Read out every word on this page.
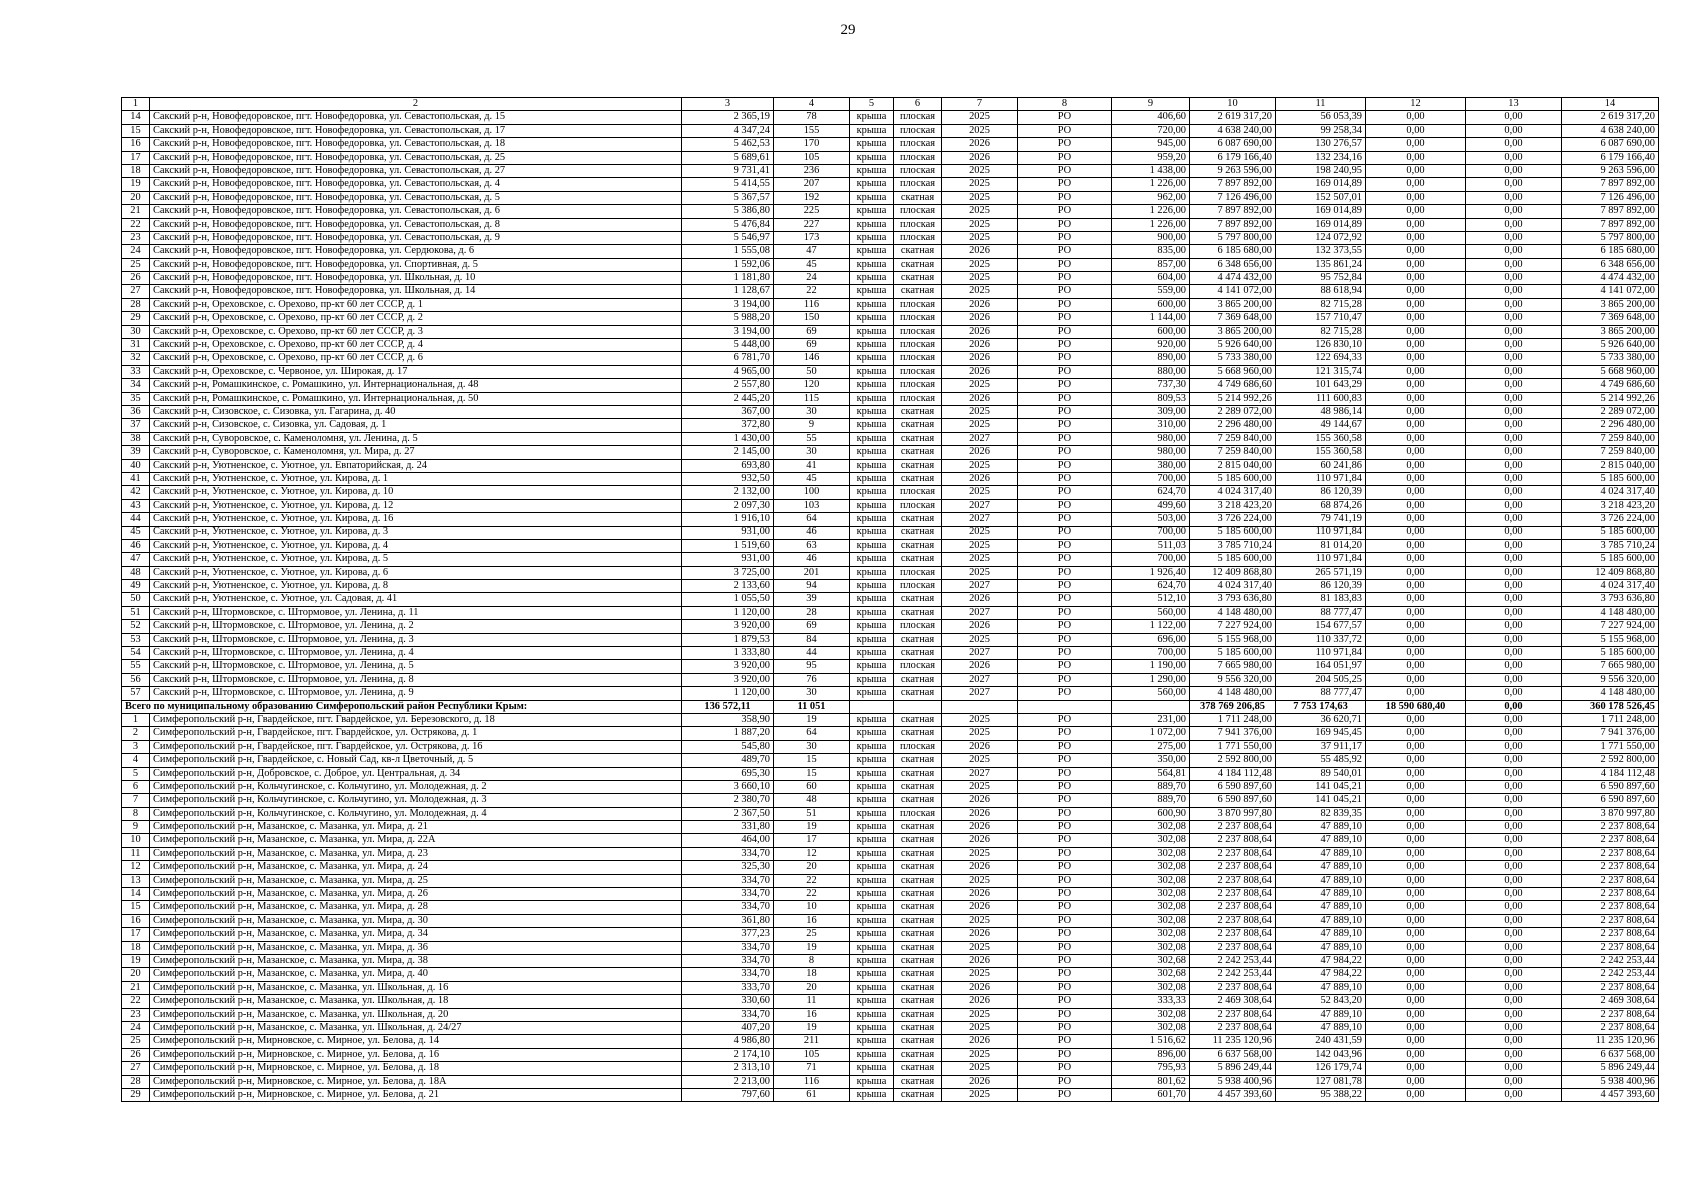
29
1	2	3	4	5	6	7	8	9	10	11	12	13	14
14	Сакский р-н, Новофедоровское, пгт. Новофедоровка, ул. Севастопольская, д. 15	2 365,19	78	крыша	плоская	2025	РО	406,60	2 619 317,20	56 053,39	0,00	0,00	2 619 317,20
15	Сакский р-н, Новофедоровское, пгт. Новофедоровка, ул. Севастопольская, д. 17	4 347,24	155	крыша	плоская	2025	РО	720,00	4 638 240,00	99 258,34	0,00	0,00	4 638 240,00
16	Сакский р-н, Новофедоровское, пгт. Новофедоровка, ул. Севастопольская, д. 18	5 462,53	170	крыша	плоская	2026	РО	945,00	6 087 690,00	130 276,57	0,00	0,00	6 087 690,00
17	Сакский р-н, Новофедоровское, пгт. Новофедоровка, ул. Севастопольская, д. 25	5 689,61	105	крыша	плоская	2026	РО	959,20	6 179 166,40	132 234,16	0,00	0,00	6 179 166,40
18	Сакский р-н, Новофедоровское, пгт. Новофедоровка, ул. Севастопольская, д. 27	9 731,41	236	крыша	плоская	2025	РО	1 438,00	9 263 596,00	198 240,95	0,00	0,00	9 263 596,00
19	Сакский р-н, Новофедоровское, пгт. Новофедоровка, ул. Севастопольская, д. 4	5 414,55	207	крыша	плоская	2025	РО	1 226,00	7 897 892,00	169 014,89	0,00	0,00	7 897 892,00
20	Сакский р-н, Новофедоровское, пгт. Новофедоровка, ул. Севастопольская, д. 5	5 367,57	192	крыша	скатная	2025	РО	962,00	7 126 496,00	152 507,01	0,00	0,00	7 126 496,00
21	Сакский р-н, Новофедоровское, пгт. Новофедоровка, ул. Севастопольская, д. 6	5 386,80	225	крыша	плоская	2025	РО	1 226,00	7 897 892,00	169 014,89	0,00	0,00	7 897 892,00
22	Сакский р-н, Новофедоровское, пгт. Новофедоровка, ул. Севастопольская, д. 8	5 476,84	227	крыша	плоская	2025	РО	1 226,00	7 897 892,00	169 014,89	0,00	0,00	7 897 892,00
23	Сакский р-н, Новофедоровское, пгт. Новофедоровка, ул. Севастопольская, д. 9	5 546,97	173	крыша	плоская	2025	РО	900,00	5 797 800,00	124 072,92	0,00	0,00	5 797 800,00
24	Сакский р-н, Новофедоровское, пгт. Новофедоровка, ул. Сердюкова, д. 6	1 555,08	47	крыша	скатная	2026	РО	835,00	6 185 680,00	132 373,55	0,00	0,00	6 185 680,00
25	Сакский р-н, Новофедоровское, пгт. Новофедоровка, ул. Спортивная, д. 5	1 592,06	45	крыша	скатная	2025	РО	857,00	6 348 656,00	135 861,24	0,00	0,00	6 348 656,00
26	Сакский р-н, Новофедоровское, пгт. Новофедоровка, ул. Школьная, д. 10	1 181,80	24	крыша	скатная	2025	РО	604,00	4 474 432,00	95 752,84	0,00	0,00	4 474 432,00
27	Сакский р-н, Новофедоровское, пгт. Новофедоровка, ул. Школьная, д. 14	1 128,67	22	крыша	скатная	2025	РО	559,00	4 141 072,00	88 618,94	0,00	0,00	4 141 072,00
28	Сакский р-н, Ореховское, с. Орехово, пр-кт 60 лет СССР, д. 1	3 194,00	116	крыша	плоская	2026	РО	600,00	3 865 200,00	82 715,28	0,00	0,00	3 865 200,00
29	Сакский р-н, Ореховское, с. Орехово, пр-кт 60 лет СССР, д. 2	5 988,20	150	крыша	плоская	2026	РО	1 144,00	7 369 648,00	157 710,47	0,00	0,00	7 369 648,00
30	Сакский р-н, Ореховское, с. Орехово, пр-кт 60 лет СССР, д. 3	3 194,00	69	крыша	плоская	2026	РО	600,00	3 865 200,00	82 715,28	0,00	0,00	3 865 200,00
31	Сакский р-н, Ореховское, с. Орехово, пр-кт 60 лет СССР, д. 4	5 448,00	69	крыша	плоская	2026	РО	920,00	5 926 640,00	126 830,10	0,00	0,00	5 926 640,00
32	Сакский р-н, Ореховское, с. Орехово, пр-кт 60 лет СССР, д. 6	6 781,70	146	крыша	плоская	2026	РО	890,00	5 733 380,00	122 694,33	0,00	0,00	5 733 380,00
33	Сакский р-н, Ореховское, с. Червоное, ул. Широкая, д. 17	4 965,00	50	крыша	плоская	2026	РО	880,00	5 668 960,00	121 315,74	0,00	0,00	5 668 960,00
34	Сакский р-н, Ромашкинское, с. Ромашкино, ул. Интернациональная, д. 48	2 557,80	120	крыша	плоская	2025	РО	737,30	4 749 686,60	101 643,29	0,00	0,00	4 749 686,60
35	Сакский р-н, Ромашкинское, с. Ромашкино, ул. Интернациональная, д. 50	2 445,20	115	крыша	плоская	2026	РО	809,53	5 214 992,26	111 600,83	0,00	0,00	5 214 992,26
36	Сакский р-н, Сизовское, с. Сизовка, ул. Гагарина, д. 40	367,00	30	крыша	скатная	2025	РО	309,00	2 289 072,00	48 986,14	0,00	0,00	2 289 072,00
37	Сакский р-н, Сизовское, с. Сизовка, ул. Садовая, д. 1	372,80	9	крыша	скатная	2025	РО	310,00	2 296 480,00	49 144,67	0,00	0,00	2 296 480,00
38	Сакский р-н, Суворовское, с. Каменоломня, ул. Ленина, д. 5	1 430,00	55	крыша	скатная	2027	РО	980,00	7 259 840,00	155 360,58	0,00	0,00	7 259 840,00
39	Сакский р-н, Суворовское, с. Каменоломня, ул. Мира, д. 27	2 145,00	30	крыша	скатная	2026	РО	980,00	7 259 840,00	155 360,58	0,00	0,00	7 259 840,00
40	Сакский р-н, Уютненское, с. Уютное, ул. Евпаторийская, д. 24	693,80	41	крыша	скатная	2025	РО	380,00	2 815 040,00	60 241,86	0,00	0,00	2 815 040,00
41	Сакский р-н, Уютненское, с. Уютное, ул. Кирова, д. 1	932,50	45	крыша	скатная	2026	РО	700,00	5 185 600,00	110 971,84	0,00	0,00	5 185 600,00
42	Сакский р-н, Уютненское, с. Уютное, ул. Кирова, д. 10	2 132,00	100	крыша	плоская	2025	РО	624,70	4 024 317,40	86 120,39	0,00	0,00	4 024 317,40
43	Сакский р-н, Уютненское, с. Уютное, ул. Кирова, д. 12	2 097,30	103	крыша	плоская	2027	РО	499,60	3 218 423,20	68 874,26	0,00	0,00	3 218 423,20
44	Сакский р-н, Уютненское, с. Уютное, ул. Кирова, д. 16	1 916,10	64	крыша	скатная	2027	РО	503,00	3 726 224,00	79 741,19	0,00	0,00	3 726 224,00
45	Сакский р-н, Уютненское, с. Уютное, ул. Кирова, д. 3	931,00	46	крыша	скатная	2025	РО	700,00	5 185 600,00	110 971,84	0,00	0,00	5 185 600,00
46	Сакский р-н, Уютненское, с. Уютное, ул. Кирова, д. 4	1 519,60	63	крыша	скатная	2025	РО	511,03	3 785 710,24	81 014,20	0,00	0,00	3 785 710,24
47	Сакский р-н, Уютненское, с. Уютное, ул. Кирова, д. 5	931,00	46	крыша	скатная	2025	РО	700,00	5 185 600,00	110 971,84	0,00	0,00	5 185 600,00
48	Сакский р-н, Уютненское, с. Уютное, ул. Кирова, д. 6	3 725,00	201	крыша	плоская	2025	РО	1 926,40	12 409 868,80	265 571,19	0,00	0,00	12 409 868,80
49	Сакский р-н, Уютненское, с. Уютное, ул. Кирова, д. 8	2 133,60	94	крыша	плоская	2027	РО	624,70	4 024 317,40	86 120,39	0,00	0,00	4 024 317,40
50	Сакский р-н, Уютненское, с. Уютное, ул. Садовая, д. 41	1 055,50	39	крыша	скатная	2026	РО	512,10	3 793 636,80	81 183,83	0,00	0,00	3 793 636,80
51	Сакский р-н, Штормовское, с. Штормовое, ул. Ленина, д. 11	1 120,00	28	крыша	скатная	2027	РО	560,00	4 148 480,00	88 777,47	0,00	0,00	4 148 480,00
52	Сакский р-н, Штормовское, с. Штормовое, ул. Ленина, д. 2	3 920,00	69	крыша	плоская	2026	РО	1 122,00	7 227 924,00	154 677,57	0,00	0,00	7 227 924,00
53	Сакский р-н, Штормовское, с. Штормовое, ул. Ленина, д. 3	1 879,53	84	крыша	скатная	2025	РО	696,00	5 155 968,00	110 337,72	0,00	0,00	5 155 968,00
54	Сакский р-н, Штормовское, с. Штормовое, ул. Ленина, д. 4	1 333,80	44	крыша	скатная	2027	РО	700,00	5 185 600,00	110 971,84	0,00	0,00	5 185 600,00
55	Сакский р-н, Штормовское, с. Штормовое, ул. Ленина, д. 5	3 920,00	95	крыша	плоская	2026	РО	1 190,00	7 665 980,00	164 051,97	0,00	0,00	7 665 980,00
56	Сакский р-н, Штормовское, с. Штормовое, ул. Ленина, д. 8	3 920,00	76	крыша	скатная	2027	РО	1 290,00	9 556 320,00	204 505,25	0,00	0,00	9 556 320,00
57	Сакский р-н, Штормовское, с. Штормовое, ул. Ленина, д. 9	1 120,00	30	крыша	скатная	2027	РО	560,00	4 148 480,00	88 777,47	0,00	0,00	4 148 480,00
Всего по муниципальному образованию Симферопольский район Республики Крым:		136 572,11	11 051						378 769 206,85	7 753 174,63	18 590 680,40	0,00	360 178 526,45
1	Симферопольский р-н, Гвардейское, пгт. Гвардейское, ул. Березовского, д. 18	358,90	19	крыша	скатная	2025	РО	231,00	1 711 248,00	36 620,71	0,00	0,00	1 711 248,00
2	Симферопольский р-н, Гвардейское, пгт. Гвардейское, ул. Острякова, д. 1	1 887,20	64	крыша	скатная	2025	РО	1 072,00	7 941 376,00	169 945,45	0,00	0,00	7 941 376,00
3	Симферопольский р-н, Гвардейское, пгт. Гвардейское, ул. Острякова, д. 16	545,80	30	крыша	плоская	2026	РО	275,00	1 771 550,00	37 911,17	0,00	0,00	1 771 550,00
4	Симферопольский р-н, Гвардейское, с. Новый Сад, кв-л Цветочный, д. 5	489,70	15	крыша	скатная	2025	РО	350,00	2 592 800,00	55 485,92	0,00	0,00	2 592 800,00
5	Симферопольский р-н, Добровское, с. Доброе, ул. Центральная, д. 34	695,30	15	крыша	скатная	2027	РО	564,81	4 184 112,48	89 540,01	0,00	0,00	4 184 112,48
6	Симферопольский р-н, Кольчугинское, с. Кольчугино, ул. Молодежная, д. 2	3 660,10	60	крыша	скатная	2025	РО	889,70	6 590 897,60	141 045,21	0,00	0,00	6 590 897,60
7	Симферопольский р-н, Кольчугинское, с. Кольчугино, ул. Молодежная, д. 3	2 380,70	48	крыша	скатная	2026	РО	889,70	6 590 897,60	141 045,21	0,00	0,00	6 590 897,60
8	Симферопольский р-н, Кольчугинское, с. Кольчугино, ул. Молодежная, д. 4	2 367,50	51	крыша	плоская	2026	РО	600,90	3 870 997,80	82 839,35	0,00	0,00	3 870 997,80
9	Симферопольский р-н, Мазанское, с. Мазанка, ул. Мира, д. 21	331,80	19	крыша	скатная	2026	РО	302,08	2 237 808,64	47 889,10	0,00	0,00	2 237 808,64
10	Симферопольский р-н, Мазанское, с. Мазанка, ул. Мира, д. 22А	464,00	17	крыша	скатная	2026	РО	302,08	2 237 808,64	47 889,10	0,00	0,00	2 237 808,64
11	Симферопольский р-н, Мазанское, с. Мазанка, ул. Мира, д. 23	334,70	12	крыша	скатная	2025	РО	302,08	2 237 808,64	47 889,10	0,00	0,00	2 237 808,64
12	Симферопольский р-н, Мазанское, с. Мазанка, ул. Мира, д. 24	325,30	20	крыша	скатная	2026	РО	302,08	2 237 808,64	47 889,10	0,00	0,00	2 237 808,64
13	Симферопольский р-н, Мазанское, с. Мазанка, ул. Мира, д. 25	334,70	22	крыша	скатная	2025	РО	302,08	2 237 808,64	47 889,10	0,00	0,00	2 237 808,64
14	Симферопольский р-н, Мазанское, с. Мазанка, ул. Мира, д. 26	334,70	22	крыша	скатная	2026	РО	302,08	2 237 808,64	47 889,10	0,00	0,00	2 237 808,64
15	Симферопольский р-н, Мазанское, с. Мазанка, ул. Мира, д. 28	334,70	10	крыша	скатная	2026	РО	302,08	2 237 808,64	47 889,10	0,00	0,00	2 237 808,64
16	Симферопольский р-н, Мазанское, с. Мазанка, ул. Мира, д. 30	361,80	16	крыша	скатная	2025	РО	302,08	2 237 808,64	47 889,10	0,00	0,00	2 237 808,64
17	Симферопольский р-н, Мазанское, с. Мазанка, ул. Мира, д. 34	377,23	25	крыша	скатная	2026	РО	302,08	2 237 808,64	47 889,10	0,00	0,00	2 237 808,64
18	Симферопольский р-н, Мазанское, с. Мазанка, ул. Мира, д. 36	334,70	19	крыша	скатная	2025	РО	302,08	2 237 808,64	47 889,10	0,00	0,00	2 237 808,64
19	Симферопольский р-н, Мазанское, с. Мазанка, ул. Мира, д. 38	334,70	8	крыша	скатная	2026	РО	302,68	2 242 253,44	47 984,22	0,00	0,00	2 242 253,44
20	Симферопольский р-н, Мазанское, с. Мазанка, ул. Мира, д. 40	334,70	18	крыша	скатная	2025	РО	302,68	2 242 253,44	47 984,22	0,00	0,00	2 242 253,44
21	Симферопольский р-н, Мазанское, с. Мазанка, ул. Школьная, д. 16	333,70	20	крыша	скатная	2026	РО	302,08	2 237 808,64	47 889,10	0,00	0,00	2 237 808,64
22	Симферопольский р-н, Мазанское, с. Мазанка, ул. Школьная, д. 18	330,60	11	крыша	скатная	2026	РО	333,33	2 469 308,64	52 843,20	0,00	0,00	2 469 308,64
23	Симферопольский р-н, Мазанское, с. Мазанка, ул. Школьная, д. 20	334,70	16	крыша	скатная	2025	РО	302,08	2 237 808,64	47 889,10	0,00	0,00	2 237 808,64
24	Симферопольский р-н, Мазанское, с. Мазанка, ул. Школьная, д. 24/27	407,20	19	крыша	скатная	2025	РО	302,08	2 237 808,64	47 889,10	0,00	0,00	2 237 808,64
25	Симферопольский р-н, Мирновское, с. Мирное, ул. Белова, д. 14	4 986,80	211	крыша	скатная	2026	РО	1 516,62	11 235 120,96	240 431,59	0,00	0,00	11 235 120,96
26	Симферопольский р-н, Мирновское, с. Мирное, ул. Белова, д. 16	2 174,10	105	крыша	скатная	2025	РО	896,00	6 637 568,00	142 043,96	0,00	0,00	6 637 568,00
27	Симферопольский р-н, Мирновское, с. Мирное, ул. Белова, д. 18	2 313,10	71	крыша	скатная	2025	РО	795,93	5 896 249,44	126 179,74	0,00	0,00	5 896 249,44
28	Симферопольский р-н, Мирновское, с. Мирное, ул. Белова, д. 18А	2 213,00	116	крыша	скатная	2026	РО	801,62	5 938 400,96	127 081,78	0,00	0,00	5 938 400,96
29	Симферопольский р-н, Мирновское, с. Мирное, ул. Белова, д. 21	797,60	61	крыша	скатная	2025	РО	601,70	4 457 393,60	95 388,22	0,00	0,00	4 457 393,60
